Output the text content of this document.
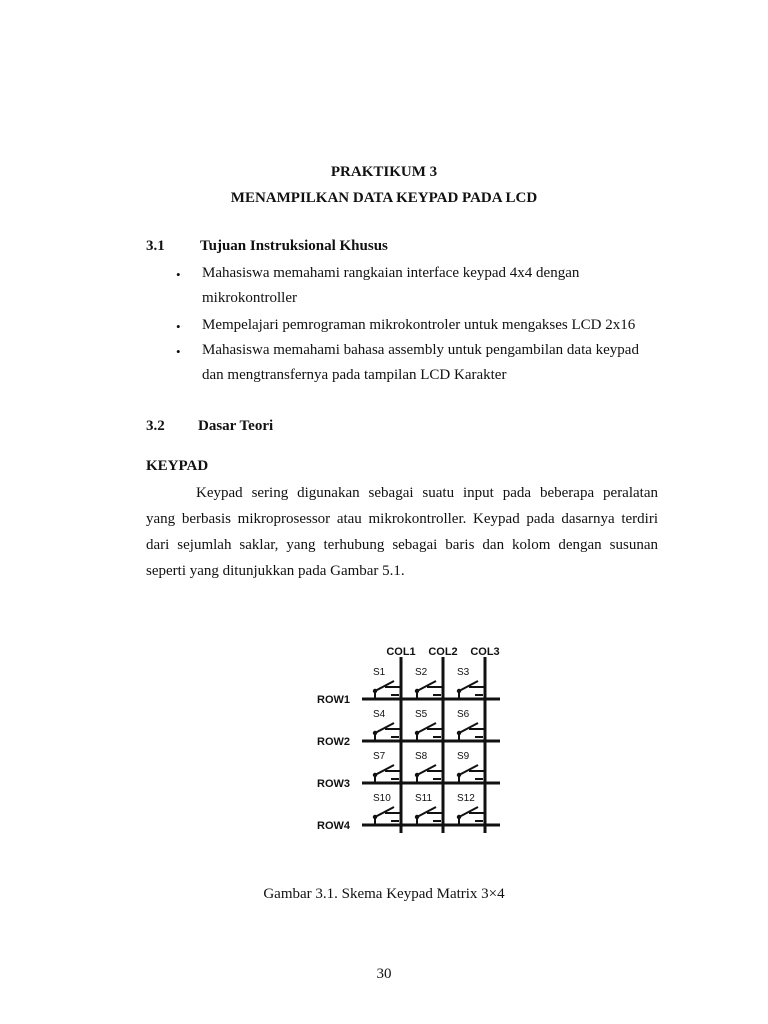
PRAKTIKUM 3
MENAMPILKAN DATA KEYPAD PADA LCD
3.1 Tujuan Instruksional Khusus
• Mahasiswa memahami rangkaian interface keypad 4x4 dengan
mikrokontroller
• Mempelajari pemrograman mikrokontroler untuk mengakses LCD 2x16
• Mahasiswa memahami bahasa assembly untuk pengambilan data keypad
dan mengtransfernya pada tampilan LCD Karakter
3.2 Dasar Teori
KEYPAD
Keypad sering digunakan sebagai suatu input pada beberapa peralatan
yang berbasis mikroprosessor atau mikrokontroller. Keypad pada dasarnya terdiri
dari sejumlah saklar, yang terhubung sebagai baris dan kolom dengan susunan
seperti yang ditunjukkan pada Gambar 5.1.
COL1 COL2 COL3
ROW1
ROW2
ROW3
ROW4
S1	S2	S3
S4	S5	S6
S7	S8	S9
S10 S11 S12
Gambar 3.1. Skema Keypad Matrix 3×4
30
